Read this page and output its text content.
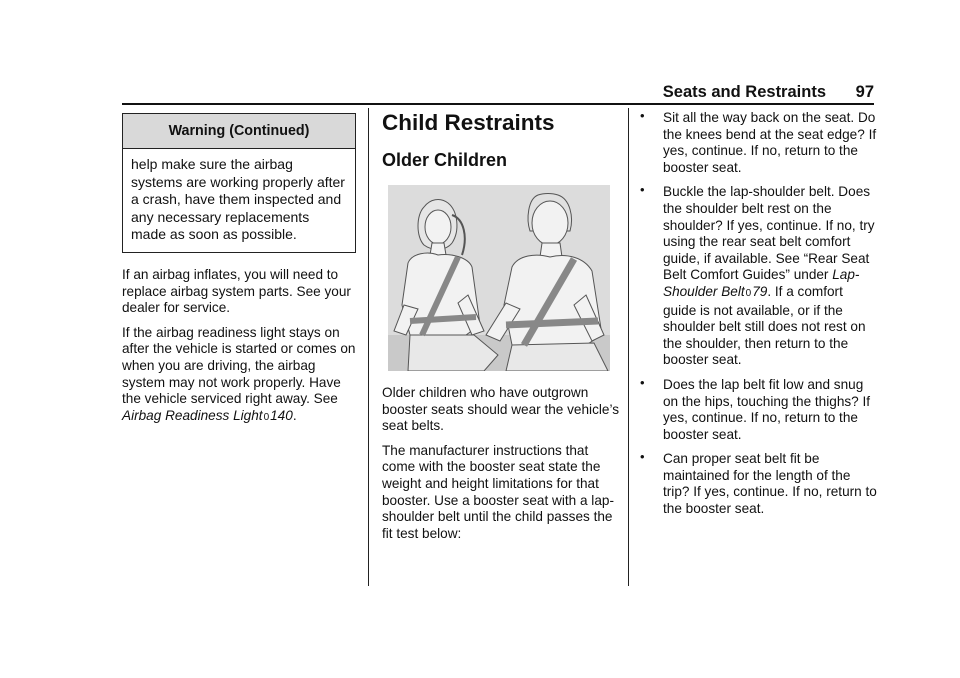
Seats and Restraints 97
Warning (Continued)
help make sure the airbag systems are working properly after a crash, have them inspected and any necessary replacements made as soon as possible.

If an airbag inflates, you will need to replace airbag system parts. See your dealer for service.

If the airbag readiness light stays on after the vehicle is started or comes on when you are driving, the airbag system may not work properly. Have the vehicle serviced right away. See Airbag Readiness Light0140.

Child Restraints
Older Children

Older children who have outgrown booster seats should wear the vehicle’s seat belts.

The manufacturer instructions that come with the booster seat state the weight and height limitations for that booster. Use a booster seat with a lap-shoulder belt until the child passes the fit test below:

• Sit all the way back on the seat. Do the knees bend at the seat edge? If yes, continue. If no, return to the booster seat.
• Buckle the lap-shoulder belt. Does the shoulder belt rest on the shoulder? If yes, continue. If no, try using the rear seat belt comfort guide, if available. See “Rear Seat Belt Comfort Guides” under Lap-Shoulder Belt079. If a comfort guide is not available, or if the shoulder belt still does not rest on the shoulder, then return to the booster seat.
• Does the lap belt fit low and snug on the hips, touching the thighs? If yes, continue. If no, return to the booster seat.
• Can proper seat belt fit be maintained for the length of the trip? If yes, continue. If no, return to the booster seat.
